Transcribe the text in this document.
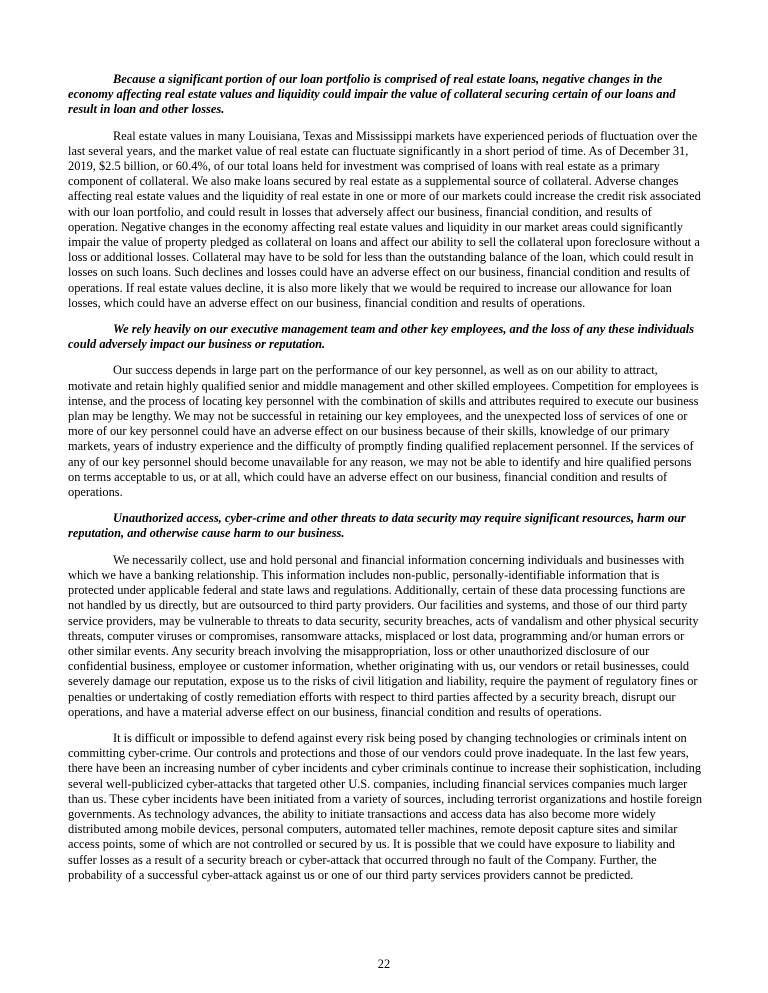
Because a significant portion of our loan portfolio is comprised of real estate loans, negative changes in the economy affecting real estate values and liquidity could impair the value of collateral securing certain of our loans and result in loan and other losses.

Real estate values in many Louisiana, Texas and Mississippi markets have experienced periods of fluctuation over the last several years, and the market value of real estate can fluctuate significantly in a short period of time. As of December 31, 2019, $2.5 billion, or 60.4%, of our total loans held for investment was comprised of loans with real estate as a primary component of collateral. We also make loans secured by real estate as a supplemental source of collateral. Adverse changes affecting real estate values and the liquidity of real estate in one or more of our markets could increase the credit risk associated with our loan portfolio, and could result in losses that adversely affect our business, financial condition, and results of operation. Negative changes in the economy affecting real estate values and liquidity in our market areas could significantly impair the value of property pledged as collateral on loans and affect our ability to sell the collateral upon foreclosure without a loss or additional losses. Collateral may have to be sold for less than the outstanding balance of the loan, which could result in losses on such loans. Such declines and losses could have an adverse effect on our business, financial condition and results of operations. If real estate values decline, it is also more likely that we would be required to increase our allowance for loan losses, which could have an adverse effect on our business, financial condition and results of operations.

We rely heavily on our executive management team and other key employees, and the loss of any these individuals could adversely impact our business or reputation.

Our success depends in large part on the performance of our key personnel, as well as on our ability to attract, motivate and retain highly qualified senior and middle management and other skilled employees. Competition for employees is intense, and the process of locating key personnel with the combination of skills and attributes required to execute our business plan may be lengthy. We may not be successful in retaining our key employees, and the unexpected loss of services of one or more of our key personnel could have an adverse effect on our business because of their skills, knowledge of our primary markets, years of industry experience and the difficulty of promptly finding qualified replacement personnel. If the services of any of our key personnel should become unavailable for any reason, we may not be able to identify and hire qualified persons on terms acceptable to us, or at all, which could have an adverse effect on our business, financial condition and results of operations.

Unauthorized access, cyber-crime and other threats to data security may require significant resources, harm our reputation, and otherwise cause harm to our business.

We necessarily collect, use and hold personal and financial information concerning individuals and businesses with which we have a banking relationship. This information includes non-public, personally-identifiable information that is protected under applicable federal and state laws and regulations. Additionally, certain of these data processing functions are not handled by us directly, but are outsourced to third party providers. Our facilities and systems, and those of our third party service providers, may be vulnerable to threats to data security, security breaches, acts of vandalism and other physical security threats, computer viruses or compromises, ransomware attacks, misplaced or lost data, programming and/or human errors or other similar events. Any security breach involving the misappropriation, loss or other unauthorized disclosure of our confidential business, employee or customer information, whether originating with us, our vendors or retail businesses, could severely damage our reputation, expose us to the risks of civil litigation and liability, require the payment of regulatory fines or penalties or undertaking of costly remediation efforts with respect to third parties affected by a security breach, disrupt our operations, and have a material adverse effect on our business, financial condition and results of operations.

It is difficult or impossible to defend against every risk being posed by changing technologies or criminals intent on committing cyber-crime. Our controls and protections and those of our vendors could prove inadequate. In the last few years, there have been an increasing number of cyber incidents and cyber criminals continue to increase their sophistication, including several well-publicized cyber-attacks that targeted other U.S. companies, including financial services companies much larger than us. These cyber incidents have been initiated from a variety of sources, including terrorist organizations and hostile foreign governments. As technology advances, the ability to initiate transactions and access data has also become more widely distributed among mobile devices, personal computers, automated teller machines, remote deposit capture sites and similar access points, some of which are not controlled or secured by us. It is possible that we could have exposure to liability and suffer losses as a result of a security breach or cyber-attack that occurred through no fault of the Company. Further, the probability of a successful cyber-attack against us or one of our third party services providers cannot be predicted.

22
